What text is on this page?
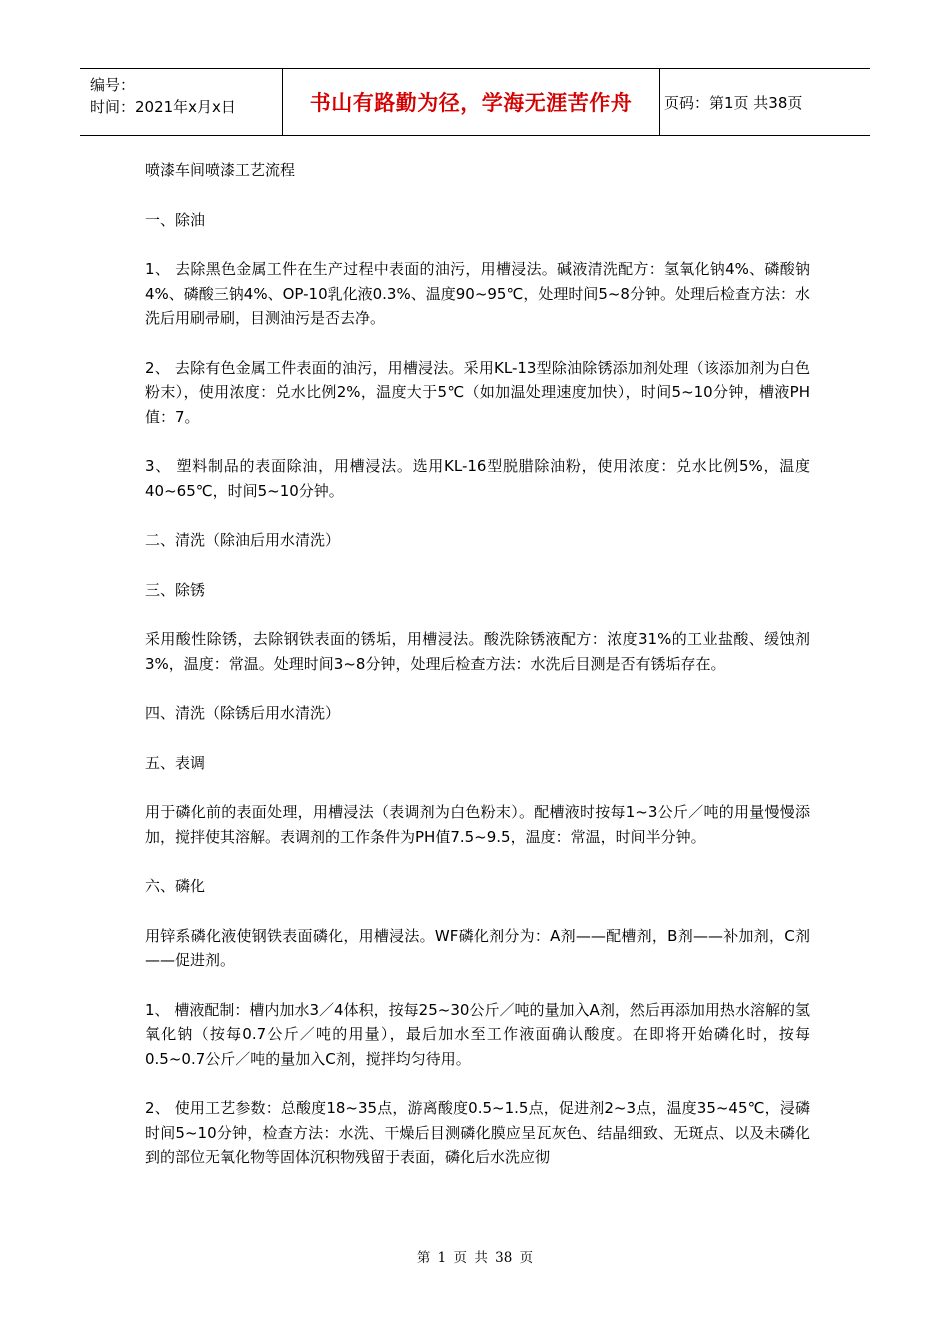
编号：
时间：2021年x月x日	书山有路勤为径，学海无涯苦作舟	页码：第1页 共38页

喷漆车间喷漆工艺流程

一、除油

1、 去除黑色金属工件在生产过程中表面的油污，用槽浸法。碱液清洗配方：氢氧化钠4%、磷酸钠4%、磷酸三钠4%、OP-10乳化液0.3%、温度90~95℃，处理时间5~8分钟。处理后检查方法：水洗后用刷帚刷，目测油污是否去净。

2、 去除有色金属工件表面的油污，用槽浸法。采用KL-13型除油除锈添加剂处理（该添加剂为白色粉末），使用浓度：兑水比例2%，温度大于5℃（如加温处理速度加快），时间5~10分钟，槽液PH值：7。

3、 塑料制品的表面除油，用槽浸法。选用KL-16型脱腊除油粉，使用浓度：兑水比例5%，温度40~65℃，时间5~10分钟。

二、清洗（除油后用水清洗）

三、除锈

采用酸性除锈，去除钢铁表面的锈垢，用槽浸法。酸洗除锈液配方：浓度31%的工业盐酸、缓蚀剂3%，温度：常温。处理时间3~8分钟，处理后检查方法：水洗后目测是否有锈垢存在。

四、清洗（除锈后用水清洗）

五、表调

用于磷化前的表面处理，用槽浸法（表调剂为白色粉末）。配槽液时按每1~3公斤／吨的用量慢慢添加，搅拌使其溶解。表调剂的工作条件为PH值7.5~9.5，温度：常温，时间半分钟。

六、磷化

用锌系磷化液使钢铁表面磷化，用槽浸法。WF磷化剂分为：A剂——配槽剂，B剂——补加剂，C剂——促进剂。

1、 槽液配制：槽内加水3／4体积，按每25~30公斤／吨的量加入A剂，然后再添加用热水溶解的氢氧化钠（按每0.7公斤／吨的用量），最后加水至工作液面确认酸度。在即将开始磷化时，按每0.5~0.7公斤／吨的量加入C剂，搅拌均匀待用。

2、 使用工艺参数：总酸度18~35点，游离酸度0.5~1.5点，促进剂2~3点，温度35~45℃，浸磷时间5~10分钟，检查方法：水洗、干燥后目测磷化膜应呈瓦灰色、结晶细致、无斑点、以及未磷化到的部位无氧化物等固体沉积物残留于表面，磷化后水洗应彻

第 1 页 共 38 页
